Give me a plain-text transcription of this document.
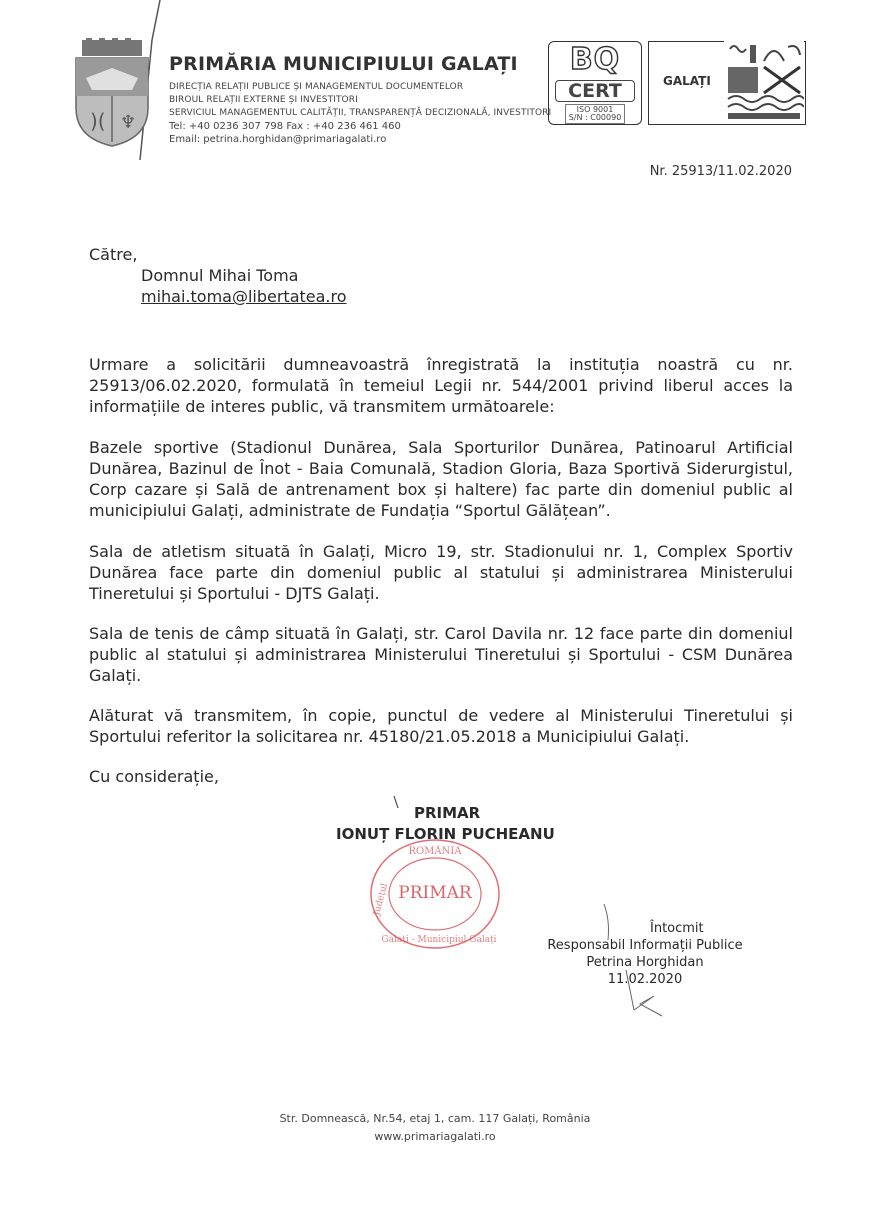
)( ♆
PRIMĂRIA MUNICIPIULUI GALAȚI
DIRECȚIA RELAȚII PUBLICE ȘI MANAGEMENTUL DOCUMENTELOR
BIROUL RELAȚII EXTERNE ȘI INVESTITORI
SERVICIUL MANAGEMENTUL CALITĂȚII, TRANSPARENȚĂ DECIZIONALĂ, INVESTITORI
Tel: +40 0236 307 798 Fax : +40 236 461 460
Email: petrina.horghidan@primariagalati.ro
BQ
CERT
ISO 9001
S/N : C00090
GALAȚI
Nr. 25913/11.02.2020
Către,
Domnul Mihai Toma
mihai.toma@libertatea.ro
Urmare a solicitării dumneavoastră înregistrată la instituția noastră cu nr. 25913/06.02.2020, formulată în temeiul Legii nr. 544/2001 privind liberul acces la informațiile de interes public, vă transmitem următoarele:
Bazele sportive (Stadionul Dunărea, Sala Sporturilor Dunărea, Patinoarul Artificial Dunărea, Bazinul de Înot - Baia Comunală, Stadion Gloria, Baza Sportivă Siderurgistul, Corp cazare și Sală de antrenament box și haltere) fac parte din domeniul public al municipiului Galați, administrate de Fundația “Sportul Gălățean”.
Sala de atletism situată în Galați, Micro 19, str. Stadionului nr. 1, Complex Sportiv Dunărea face parte din domeniul public al statului și administrarea Ministerului Tineretului și Sportului - DJTS Galați.
Sala de tenis de câmp situată în Galați, str. Carol Davila nr. 12 face parte din domeniul public al statului și administrarea Ministerului Tineretului și Sportului - CSM Dunărea Galați.
Alăturat vă transmitem, în copie, punctul de vedere al Ministerului Tineretului și Sportului referitor la solicitarea nr. 45180/21.05.2018 a Municipiului Galați.
Cu considerație,
PRIMAR
IONUȚ FLORIN PUCHEANU
PRIMAR
ROMÂNIA
Județul
Galați - Municipiul Galați
Întocmit
Responsabil Informații Publice
Petrina Horghidan
11.02.2020
Str. Domnească, Nr.54, etaj 1, cam. 117 Galați, România
www.primariagalati.ro
